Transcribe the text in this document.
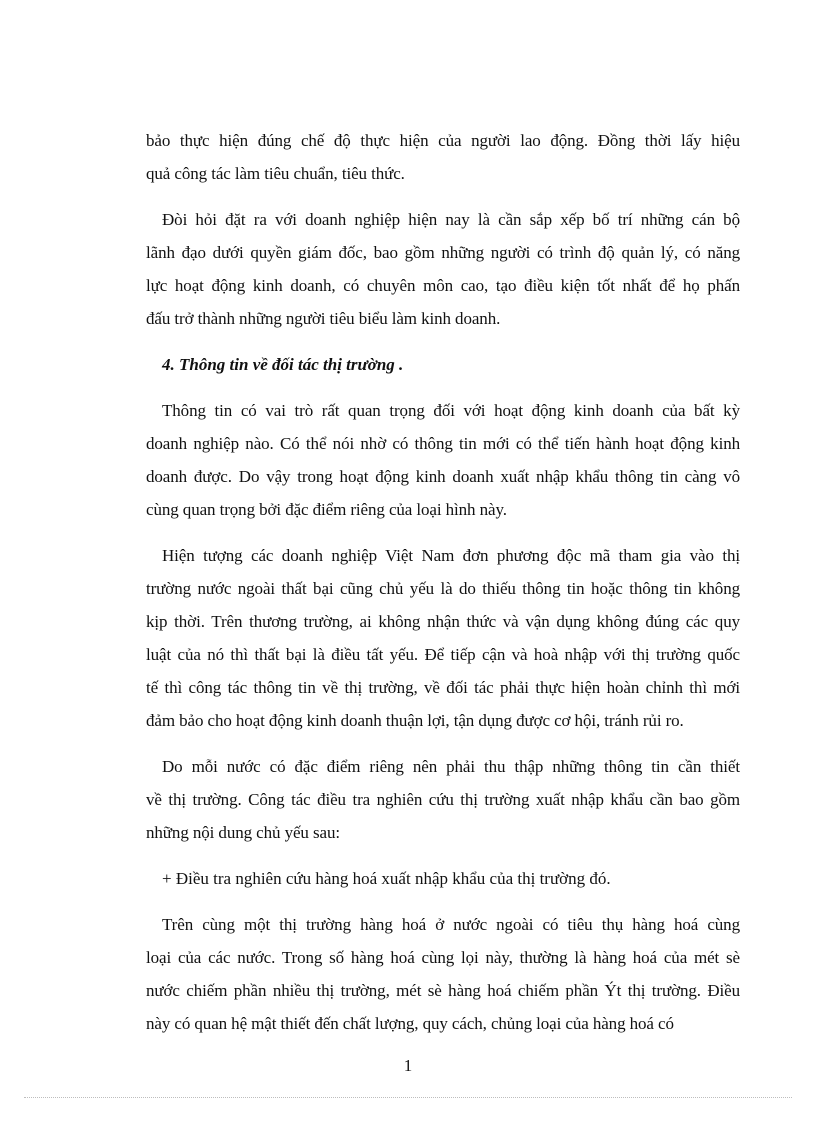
bảo thực hiện đúng chế độ thực hiện của người lao động. Đồng thời lấy hiệu
quả công tác làm tiêu chuẩn, tiêu thức.

Đòi hỏi đặt ra với doanh nghiệp hiện nay là cần sắp xếp bố trí những cán bộ
lãnh đạo dưới quyền giám đốc, bao gồm những người có trình độ quản lý, có năng
lực hoạt động kinh doanh, có chuyên môn cao, tạo điều kiện tốt nhất để họ phấn
đấu trở thành những người tiêu biểu làm kinh doanh.

4. Thông tin về đối tác thị trường .

Thông tin có vai trò rất quan trọng đối với hoạt động kinh doanh của bất kỳ
doanh nghiệp nào. Có thể nói nhờ có thông tin mới có thể tiến hành hoạt động kinh
doanh được. Do vậy trong hoạt động kinh doanh xuất nhập khẩu thông tin càng vô
cùng quan trọng bởi đặc điểm riêng của loại hình này.

Hiện tượng các doanh nghiệp Việt Nam đơn phương độc mã tham gia vào thị
trường nước ngoài thất bại cũng chủ yếu là do thiếu thông tin hoặc thông tin không
kịp thời. Trên thương trường, ai không nhận thức và vận dụng không đúng các quy
luật của nó thì thất bại là điều tất yếu. Để tiếp cận và hoà nhập với thị trường quốc
tế thì công tác thông tin về thị trường, về đối tác phải thực hiện hoàn chỉnh thì mới
đảm bảo cho hoạt động kinh doanh thuận lợi, tận dụng được cơ hội, tránh rủi ro.

Do mỗi nước có đặc điểm riêng nên phải thu thập những thông tin cần thiết
về thị trường. Công tác điều tra nghiên cứu thị trường xuất nhập khẩu cần bao gồm
những nội dung chủ yếu sau:

+ Điều tra nghiên cứu hàng hoá xuất nhập khẩu của thị trường đó.

Trên cùng một thị trường hàng hoá ở nước ngoài có tiêu thụ hàng hoá cùng
loại của các nước. Trong số hàng hoá cùng lọi này, thường là hàng hoá của mét sè
nước chiếm phần nhiều thị trường, mét sè hàng hoá chiếm phần Ýt thị trường. Điều
này có quan hệ mật thiết đến chất lượng, quy cách, chủng loại của hàng hoá có

1
